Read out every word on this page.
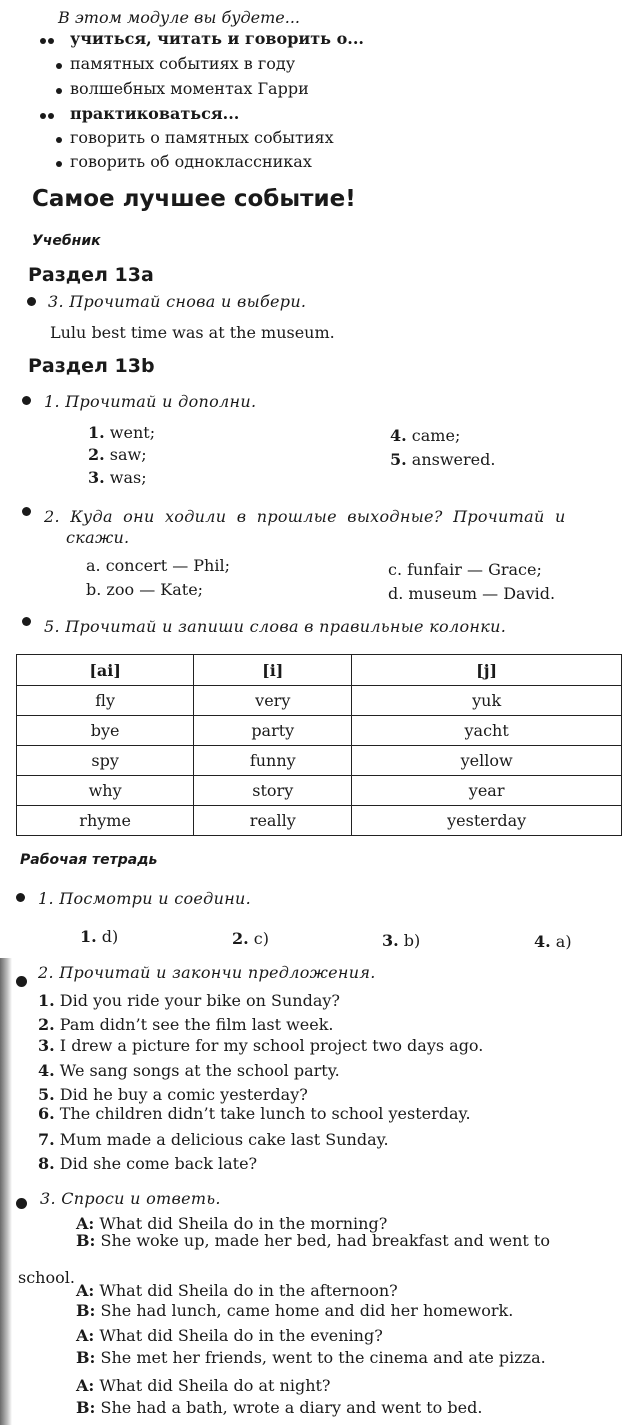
В этом модуле вы будете...
учиться, читать и говорить о...
памятных событиях в году
волшебных моментах Гарри
практиковаться...
говорить о памятных событиях
говорить об одноклассниках
Самое лучшее событие!
Учебник
Раздел 13a
3. Прочитай снова и выбери.
Lulu best time was at the museum.
Раздел 13b
1. Прочитай и дополни.
1. went;
2. saw;
3. was;
4. came;
5. answered.
2. Куда они ходили в прошлые выходные? Прочитай и
скажи.
a. concert — Phil;
b. zoo — Kate;
c. funfair — Grace;
d. museum — David.
5. Прочитай и запиши слова в правильные колонки.
[ai]	[i]	[j]
fly	very	yuk
bye	party	yacht
spy	funny	yellow
why	story	year
rhyme	really	yesterday
Рабочая тетрадь
1. Посмотри и соедини.
1. d)	2. c)	3. b)	4. a)
2. Прочитай и закончи предложения.
1. Did you ride your bike on Sunday?
2. Pam didn’t see the film last week.
3. I drew a picture for my school project two days ago.
4. We sang songs at the school party.
5. Did he buy a comic yesterday?
6. The children didn’t take lunch to school yesterday.
7. Mum made a delicious cake last Sunday.
8. Did she come back late?
3. Спроси и ответь.
A: What did Sheila do in the morning?
B: She woke up, made her bed, had breakfast and went to
school.
A: What did Sheila do in the afternoon?
B: She had lunch, came home and did her homework.
A: What did Sheila do in the evening?
B: She met her friends, went to the cinema and ate pizza.
A: What did Sheila do at night?
B: She had a bath, wrote a diary and went to bed.
